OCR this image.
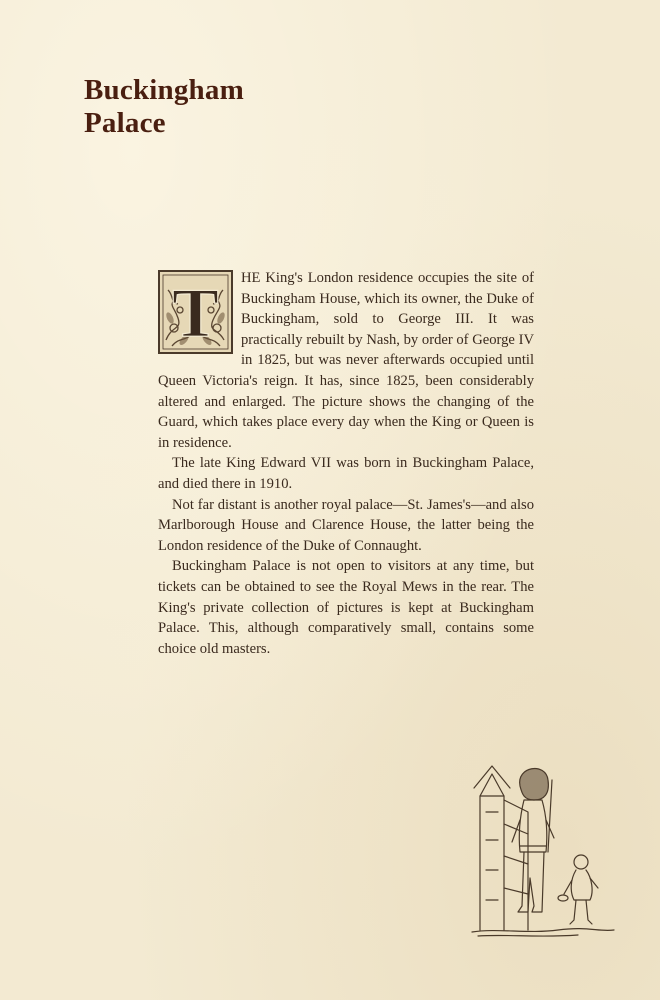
Buckingham
Palace

T HE King's London residence occupies the site of Buckingham House, which its owner, the Duke of Buckingham, sold to George III. It was practically rebuilt by Nash, by order of George IV in 1825, but was never afterwards occupied until Queen Victoria's reign. It has, since 1825, been considerably altered and enlarged. The picture shows the changing of the Guard, which takes place every day when the King or Queen is in residence.

The late King Edward VII was born in Buckingham Palace, and died there in 1910.

Not far distant is another royal palace—St. James's—and also Marlborough House and Clarence House, the latter being the London residence of the Duke of Connaught.

Buckingham Palace is not open to visitors at any time, but tickets can be obtained to see the Royal Mews in the rear. The King's private collection of pictures is kept at Buckingham Palace. This, although comparatively small, contains some choice old masters.
